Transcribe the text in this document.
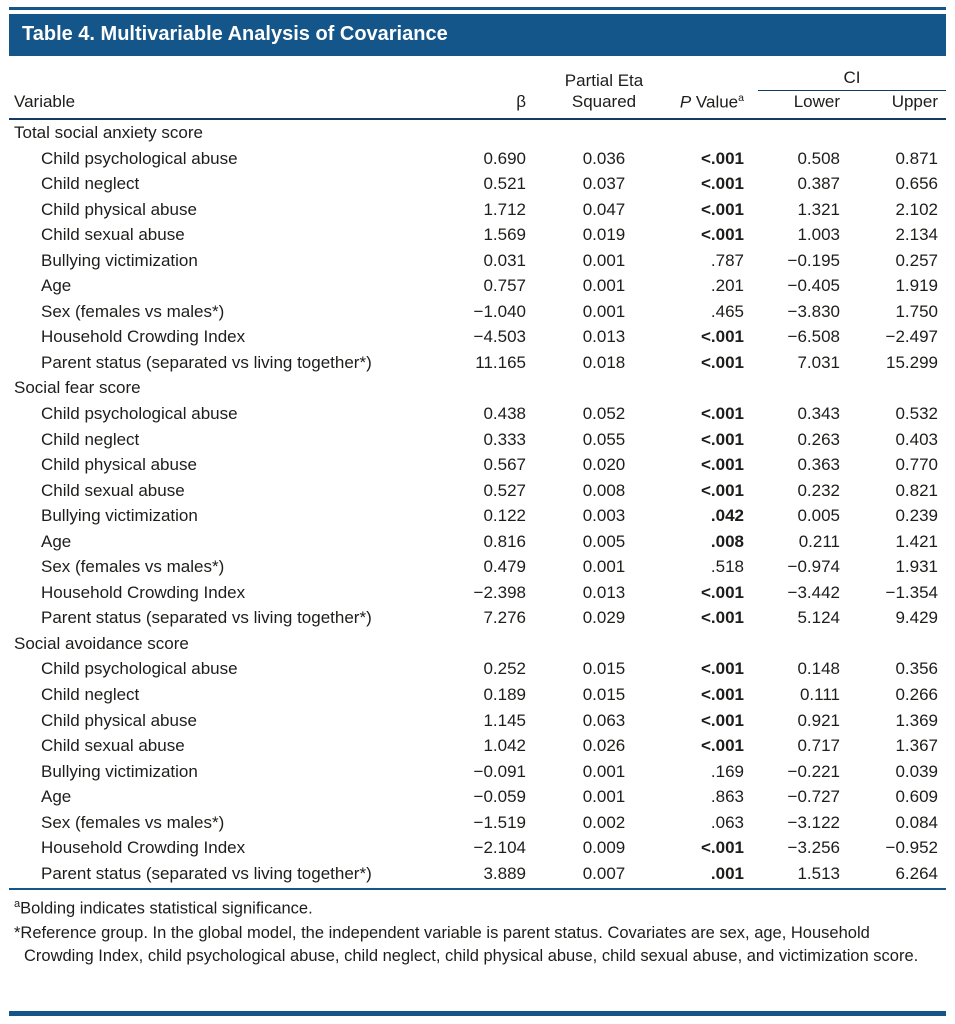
Table 4. Multivariable Analysis of Covariance
		Partial Eta		CI	
Variable	β	Squared	P Value$^a$	Lower	Upper
Total social anxiety score					
Child psychological abuse	0.690	0.036	<.001	0.508	0.871
Child neglect	0.521	0.037	<.001	0.387	0.656
Child physical abuse	1.712	0.047	<.001	1.321	2.102
Child sexual abuse	1.569	0.019	<.001	1.003	2.134
Bullying victimization	0.031	0.001	.787	−0.195	0.257
Age	0.757	0.001	.201	−0.405	1.919
Sex (females vs males*)	−1.040	0.001	.465	−3.830	1.750
Household Crowding Index	−4.503	0.013	<.001	−6.508	−2.497
Parent status (separated vs living together*)	11.165	0.018	<.001	7.031	15.299
Social fear score					
Child psychological abuse	0.438	0.052	<.001	0.343	0.532
Child neglect	0.333	0.055	<.001	0.263	0.403
Child physical abuse	0.567	0.020	<.001	0.363	0.770
Child sexual abuse	0.527	0.008	<.001	0.232	0.821
Bullying victimization	0.122	0.003	.042	0.005	0.239
Age	0.816	0.005	.008	0.211	1.421
Sex (females vs males*)	0.479	0.001	.518	−0.974	1.931
Household Crowding Index	−2.398	0.013	<.001	−3.442	−1.354
Parent status (separated vs living together*)	7.276	0.029	<.001	5.124	9.429
Social avoidance score					
Child psychological abuse	0.252	0.015	<.001	0.148	0.356
Child neglect	0.189	0.015	<.001	0.111	0.266
Child physical abuse	1.145	0.063	<.001	0.921	1.369
Child sexual abuse	1.042	0.026	<.001	0.717	1.367
Bullying victimization	−0.091	0.001	.169	−0.221	0.039
Age	−0.059	0.001	.863	−0.727	0.609
Sex (females vs males*)	−1.519	0.002	.063	−3.122	0.084
Household Crowding Index	−2.104	0.009	<.001	−3.256	−0.952
Parent status (separated vs living together*)	3.889	0.007	.001	1.513	6.264

$^a$Bolding indicates statistical significance.

*Reference group. In the global model, the independent variable is parent status. Covariates are sex, age, Household Crowding Index, child psychological abuse, child neglect, child physical abuse, child sexual abuse, and victimization score.
